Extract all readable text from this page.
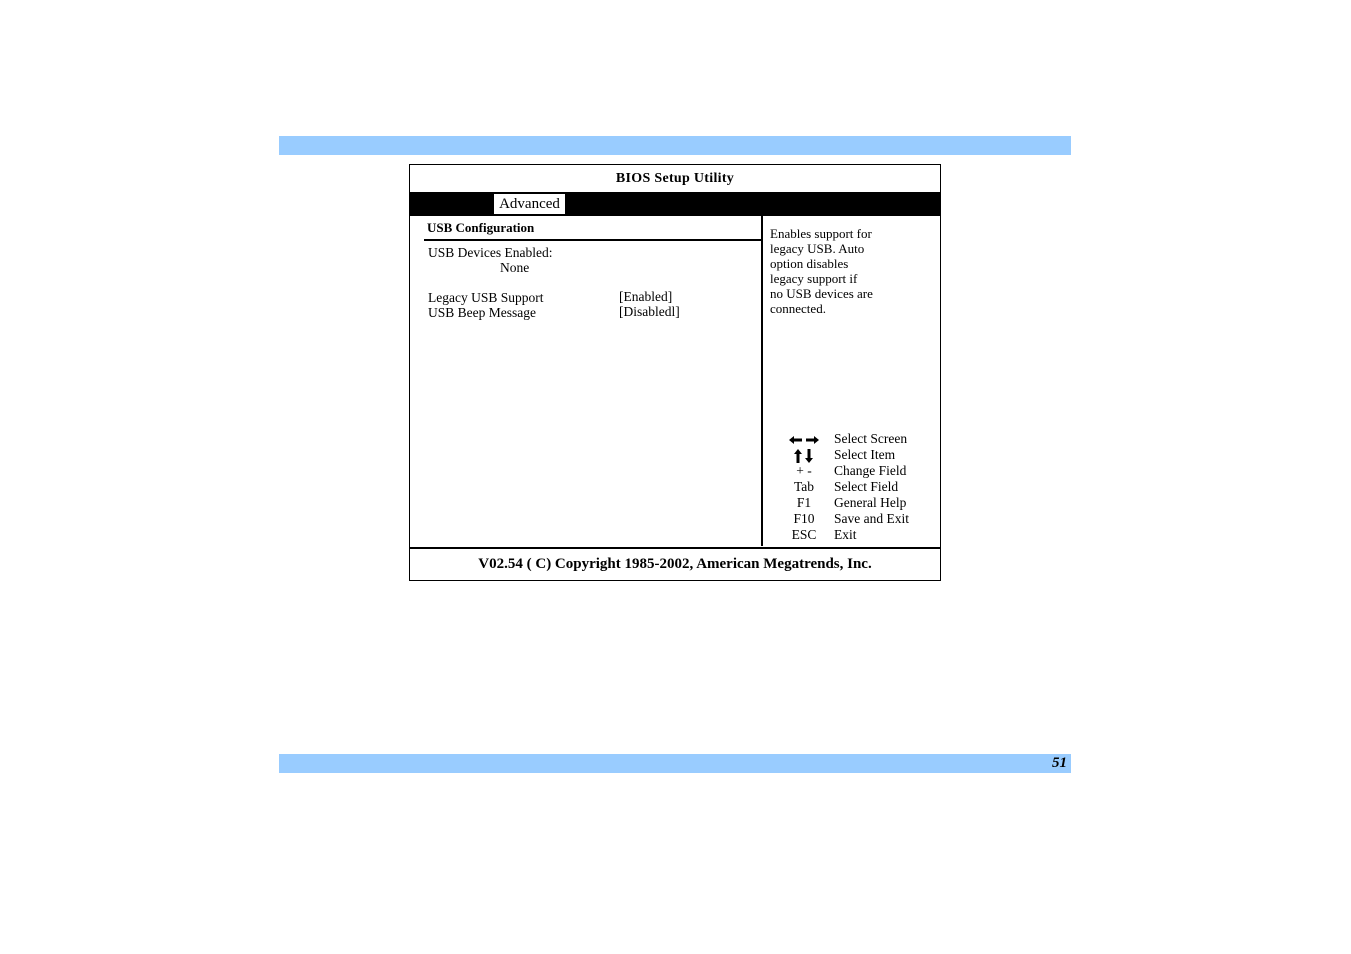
51
BIOS Setup Utility
Advanced
USB Configuration
USB Devices Enabled:
None
Legacy USB Support	[Enabled]
USB Beep Message	[Disabledl]
Enables support for
legacy USB. Auto
option disables
legacy support if
no USB devices are
connected.
Select Screen
Select Item
+ -	Change Field
Tab	Select Field
F1	General Help
F10	Save and Exit
ESC	Exit
V02.54 ( C) Copyright 1985-2002, American Megatrends, Inc.
